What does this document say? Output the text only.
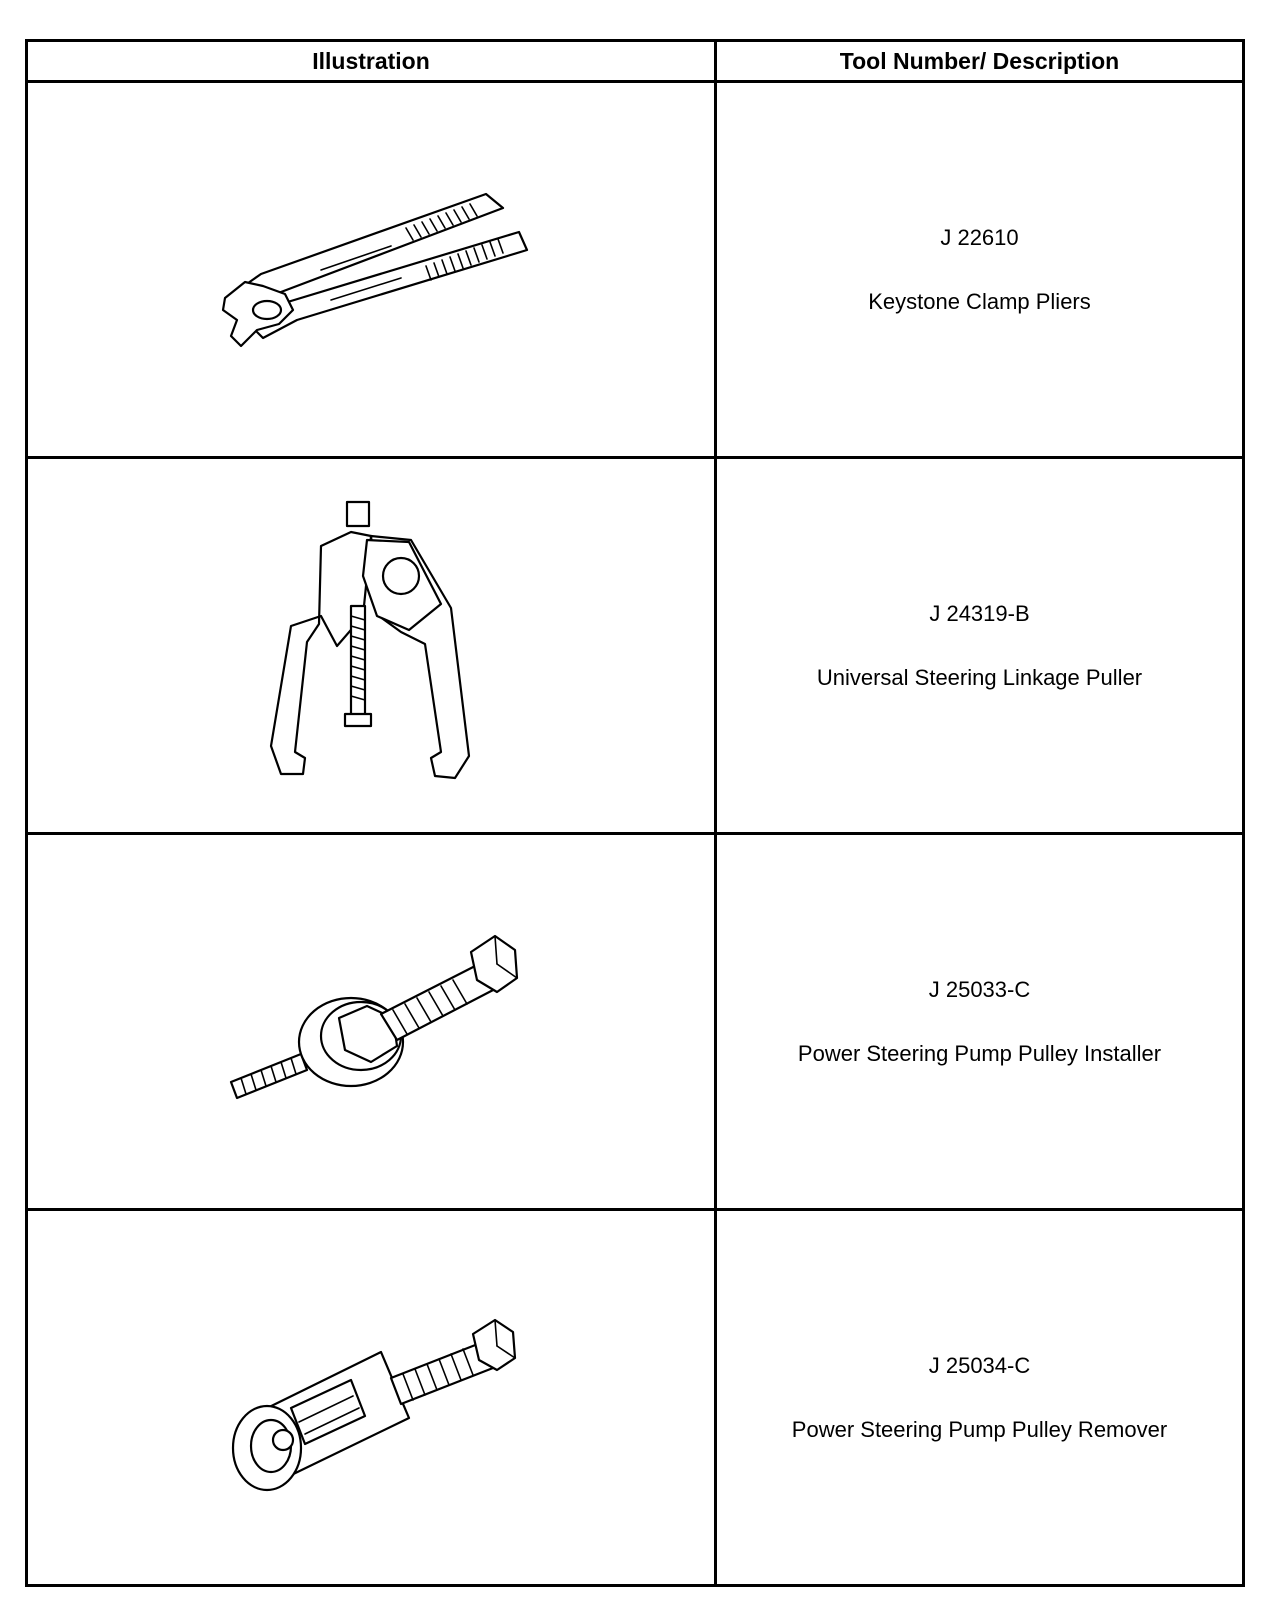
Illustration	Tool Number/ Description

J 22610
Keystone Clamp Pliers

J 24319-B
Universal Steering Linkage Puller

J 25033-C
Power Steering Pump Pulley Installer

J 25034-C
Power Steering Pump Pulley Remover
